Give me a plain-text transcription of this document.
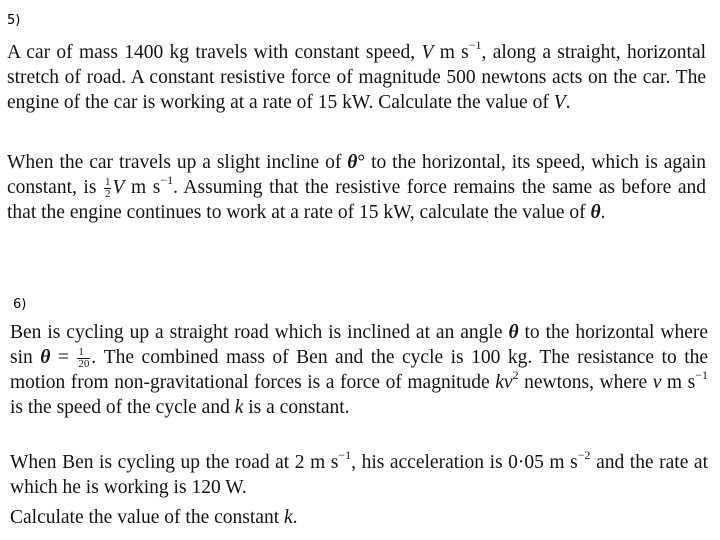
5)

A car of mass 1400 kg travels with constant speed, V m $s^{-1}$, along a straight, horizontal stretch of road. A constant resistive force of magnitude 500 newtons acts on the car. The engine of the car is working at a rate of 15 kW. Calculate the value of V.

When the car travels up a slight incline of θ° to the horizontal, its speed, which is again constant, is $\frac{1}{2}$ V m $s^{-1}$. Assuming that the resistive force remains the same as before and that the engine continues to work at a rate of 15 kW, calculate the value of θ.

6)

Ben is cycling up a straight road which is inclined at an angle θ to the horizontal where $\sin \theta = \frac{1}{20}$ . The combined mass of Ben and the cycle is 100 kg. The resistance to the motion from non-gravitational forces is a force of magnitude $kv^2$ newtons, where v m $s^{-1}$ is the speed of the cycle and k is a constant.

When Ben is cycling up the road at 2 m $s^{-1}$, his acceleration is 0·05 m $s^{-2}$ and the rate at which he is working is 120 W.

Calculate the value of the constant k.
